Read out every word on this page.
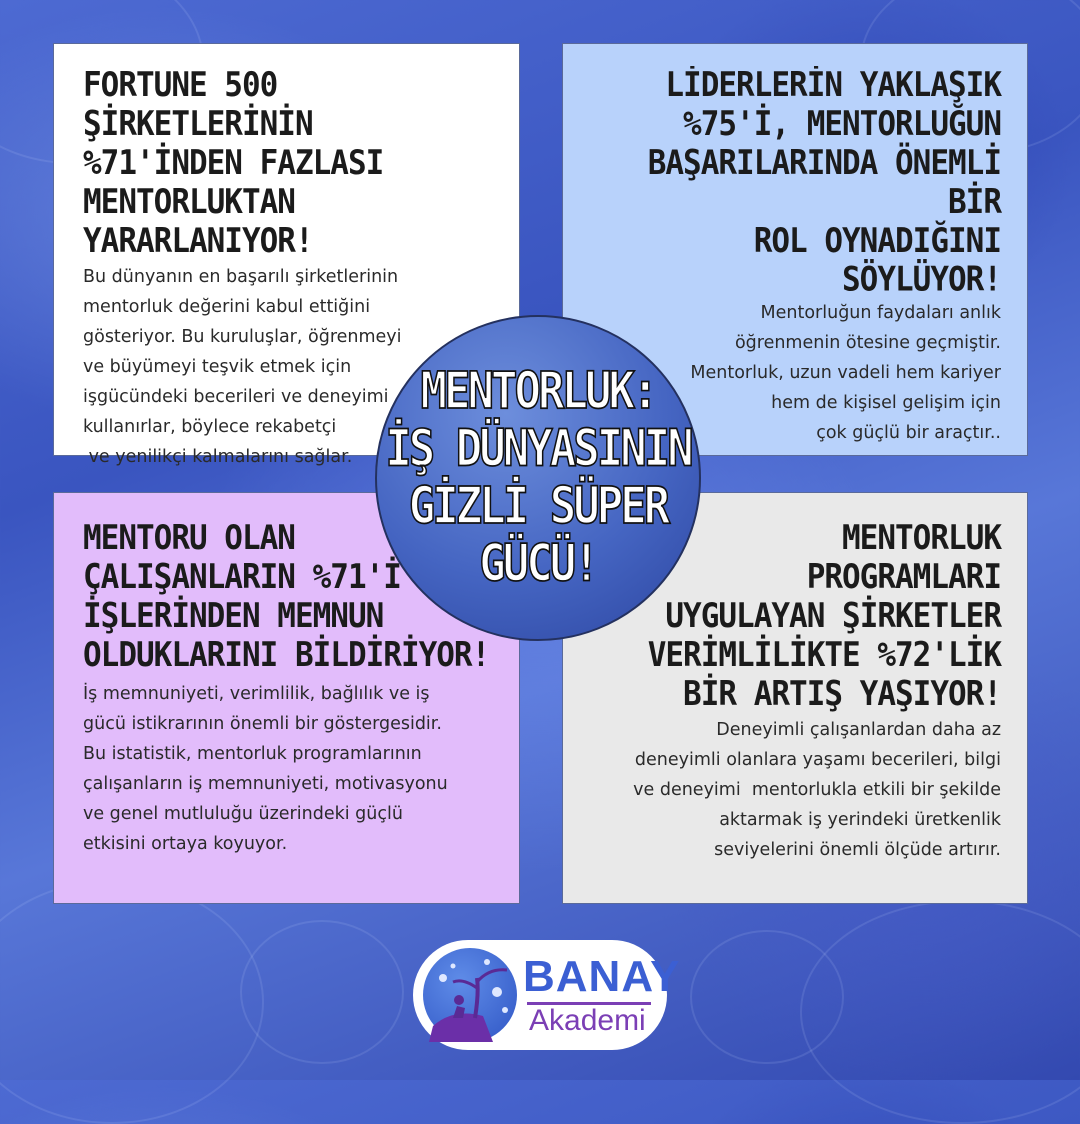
FORTUNE 500 ŞİRKETLERİNİN
%71'İNDEN FAZLASI
MENTORLUKTAN YARARLANIYOR!
Bu dünyanın en başarılı şirketlerinin
mentorluk değerini kabul ettiğini
gösteriyor. Bu kuruluşlar, öğrenmeyi
ve büyümeyi teşvik etmek için
işgücündeki becerileri ve deneyimi
kullanırlar, böylece rekabetçi
ve yenilikçi kalmalarını sağlar.
LİDERLERİN YAKLAŞIK
%75'İ, MENTORLUĞUN
BAŞARILARINDA ÖNEMLİ BİR
ROL OYNADIĞINI SÖYLÜYOR!
Mentorluğun faydaları anlık
öğrenmenin ötesine geçmiştir.
Mentorluk, uzun vadeli hem kariyer
hem de kişisel gelişim için
çok güçlü bir araçtır..
MENTORU OLAN
ÇALIŞANLARIN %71'İ
İŞLERİNDEN MEMNUN
OLDUKLARINI BİLDİRİYOR!
İş memnuniyeti, verimlilik, bağlılık ve iş
gücü istikrarının önemli bir göstergesidir.
Bu istatistik, mentorluk programlarının
çalışanların iş memnuniyeti, motivasyonu
ve genel mutluluğu üzerindeki güçlü
etkisini ortaya koyuyor.
MENTORLUK
PROGRAMLARI
UYGULAYAN ŞİRKETLER
VERİMLİLİKTE %72'LİK
BİR ARTIŞ YAŞIYOR!
Deneyimli çalışanlardan daha az
deneyimli olanlara yaşamı becerileri, bilgi
ve deneyimi  mentorlukla etkili bir şekilde
aktarmak iş yerindeki üretkenlik
seviyelerini önemli ölçüde artırır.
MENTORLUK:
İŞ DÜNYASININ
GİZLİ SÜPER
GÜCÜ!
BANAY
Akademi
